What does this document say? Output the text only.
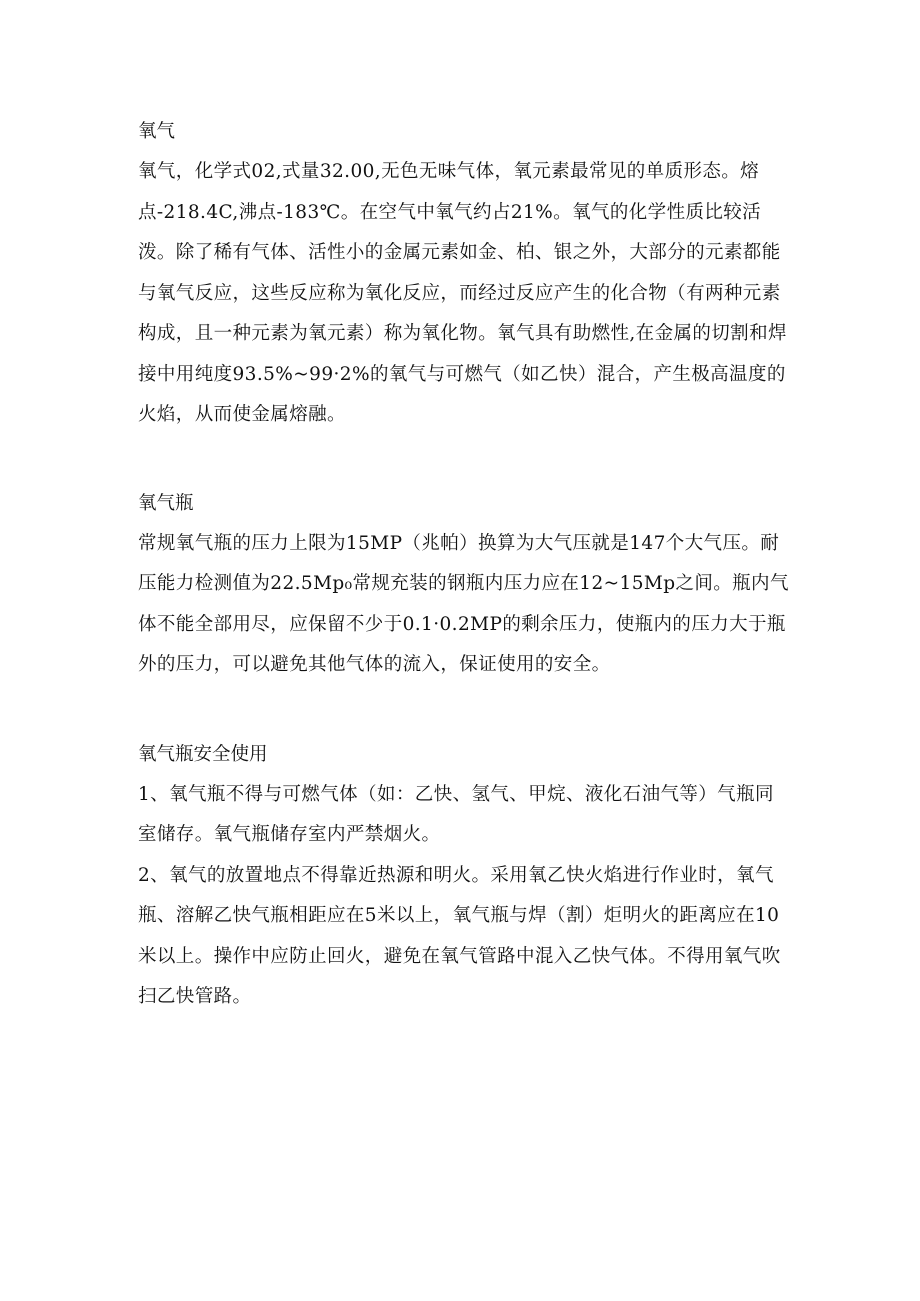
氧气

氧气，化学式02,式量32.00,无色无味气体，氧元素最常见的单质形态。熔点-218.4C,沸点-183℃。在空气中氧气约占21%。氧气的化学性质比较活泼。除了稀有气体、活性小的金属元素如金、柏、银之外，大部分的元素都能与氧气反应，这些反应称为氧化反应，而经过反应产生的化合物（有两种元素构成，且一种元素为氧元素）称为氧化物。氧气具有助燃性,在金属的切割和焊接中用纯度93.5%~99·2%的氧气与可燃气（如乙快）混合，产生极高温度的火焰，从而使金属熔融。

氧气瓶

常规氧气瓶的压力上限为15MP（兆帕）换算为大气压就是147个大气压。耐压能力检测值为22.5Mp₀常规充装的钢瓶内压力应在12~15Mp之间。瓶内气体不能全部用尽，应保留不少于0.1·0.2MP的剩余压力，使瓶内的压力大于瓶外的压力，可以避免其他气体的流入，保证使用的安全。

氧气瓶安全使用

1、氧气瓶不得与可燃气体（如：乙快、氢气、甲烷、液化石油气等）气瓶同室储存。氧气瓶储存室内严禁烟火。

2、氧气的放置地点不得靠近热源和明火。采用氧乙快火焰进行作业时，氧气瓶、溶解乙快气瓶相距应在5米以上，氧气瓶与焊（割）炬明火的距离应在10米以上。操作中应防止回火，避免在氧气管路中混入乙快气体。不得用氧气吹扫乙快管路。
